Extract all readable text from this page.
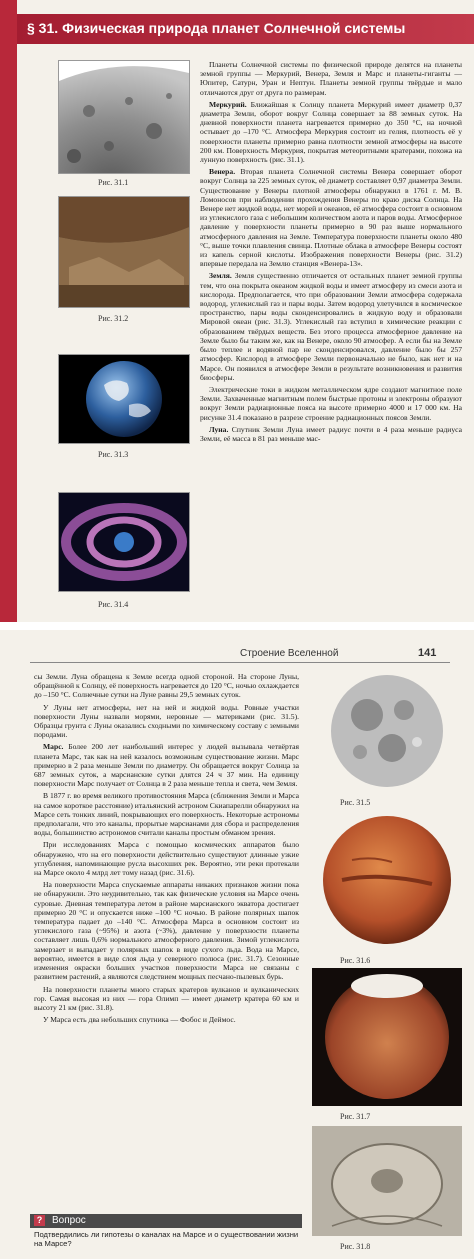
§ 31. Физическая природа планет Солнечной системы
Рис. 31.1
Рис. 31.2
Рис. 31.3
Рис. 31.4

Планеты Солнечной системы по физической природе делятся на планеты земной группы — Меркурий, Венера, Земля и Марс и планеты-гиганты — Юпитер, Сатурн, Уран и Нептун. Планеты земной группы твёрдые и мало отличаются друг от друга по размерам.

Меркурий. Ближайшая к Солнцу планета Меркурий имеет диаметр 0,37 диаметра Земли, оборот вокруг Солнца совершает за 88 земных суток. На дневной поверхности планета нагревается примерно до 350 °С, на ночной остывает до –170 °С. Атмосфера Меркурия состоит из гелия, плотность её у поверхности планеты примерно равна плотности земной атмосферы на высоте 200 км. Поверхность Меркурия, покрытая метеоритными кратерами, похожа на лунную поверхность (рис. 31.1).

Венера. Вторая планета Солнечной системы Венера совершает оборот вокруг Солнца за 225 земных суток, её диаметр составляет 0,97 диаметра Земли. Существование у Венеры плотной атмосферы обнаружил в 1761 г. М. В. Ломоносов при наблюдении прохождения Венеры по краю диска Солнца. На Венере нет жидкой воды, нет морей и океанов, её атмосфера состоит в основном из углекислого газа с небольшим количеством азота и паров воды. Атмосферное давление у поверхности планеты примерно в 90 раз выше нормального атмосферного давления на Земле. Температура поверхности планеты около 480 °С, выше точки плавления свинца. Плотные облака в атмосфере Венеры состоят из капель серной кислоты. Изображения поверхности Венеры (рис. 31.2) впервые передала на Землю станция «Венера-13».

Земля. Земля существенно отличается от остальных планет земной группы тем, что она покрыта океаном жидкой воды и имеет атмосферу из смеси азота и кислорода. Предполагается, что при образовании Земли атмосфера содержала водород, углекислый газ и пары воды. Затем водород улетучился в космическое пространство, пары воды сконденсировались в жидкую воду и образовали Мировой океан (рис. 31.3). Углекислый газ вступил в химические реакции с образованием твёрдых веществ. Без этого процесса атмосферное давление на Земле было бы таким же, как на Венере, около 90 атмосфер. А если бы на Земле было теплее и водяной пар не сконденсировался, давление было бы 257 атмосфер. Кислород в атмосфере Земли первоначально не было, как нет и на Марсе. Он появился в атмосфере Земли в результате возникновения и развития биосферы.

Электрические токи в жидком металлическом ядре создают магнитное поле Земли. Захваченные магнитным полем быстрые протоны и электроны образуют вокруг Земли радиационные пояса на высоте примерно 4000 и 17 000 км. На рисунке 31.4 показано в разрезе строение радиационных поясов Земли.

Луна. Спутник Земли Луна имеет радиус почти в 4 раза меньше радиуса Земли, её масса в 81 раз меньше мас-

Строение Вселенной	141

сы Земли. Луна обращена к Земле всегда одной стороной. На стороне Луны, обращённой к Солнцу, её поверхность нагревается до 120 °С, ночью охлаждается до –150 °С. Солнечные сутки на Луне равны 29,5 земных суток.

У Луны нет атмосферы, нет на ней и жидкой воды. Ровные участки поверхности Луны назвали морями, неровные — материками (рис. 31.5). Образцы грунта с Луны оказались сходными по химическому составу с земными породами.

Марс. Более 200 лет наибольший интерес у людей вызывала четвёртая планета Марс, так как на ней казалось возможным существование жизни. Марс примерно в 2 раза меньше Земли по диаметру. Он обращается вокруг Солнца за 687 земных суток, а марсианские сутки длятся 24 ч 37 мин. На единицу поверхности Марс получает от Солнца в 2 раза меньше тепла и света, чем Земля.

В 1877 г. во время великого противостояния Марса (сближения Земли и Марса на самое короткое расстояние) итальянский астроном Скиапарелли обнаружил на Марсе сеть тонких линий, покрывающих его поверхность. Некоторые астрономы предполагали, что это каналы, прорытые марсианами для сбора и распределения воды, большинство астрономов считали каналы простым обманом зрения.

При исследованиях Марса с помощью космических аппаратов было обнаружено, что на его поверхности действительно существуют длинные узкие углубления, напоминающие русла высохших рек. Вероятно, эти реки протекали на Марсе около 4 млрд лет тому назад (рис. 31.6).

На поверхности Марса спускаемые аппараты никаких признаков жизни пока не обнаружили. Это неудивительно, так как физические условия на Марсе очень суровые. Дневная температура летом в районе марсианского экватора достигает примерно 20 °С и опускается ниже –100 °С ночью. В районе полярных шапок температура падает до –140 °С. Атмосфера Марса в основном состоит из углекислого газа (~95%) и азота (~3%), давление у поверхности планеты составляет лишь 0,6% нормального атмосферного давления. Зимой углекислота замерзает и выпадает у полярных шапок в виде сухого льда. Вода на Марсе, вероятно, имеется в виде слоя льда у северного полюса (рис. 31.7). Сезонные изменения окраски больших участков поверхности Марса не связаны с развитием растений, а являются следствием мощных песчано-пылевых бурь.

На поверхности планеты много старых кратеров вулканов и вулканических гор. Самая высокая из них — гора Олимп — имеет диаметр кратера 60 км и высоту 21 км (рис. 31.8).

У Марса есть два небольших спутника — Фобос и Деймос.

Рис. 31.5
Рис. 31.6
Рис. 31.7
Рис. 31.8
? Вопрос
Подтвердились ли гипотезы о каналах на Марсе и о существовании жизни на Марсе?
